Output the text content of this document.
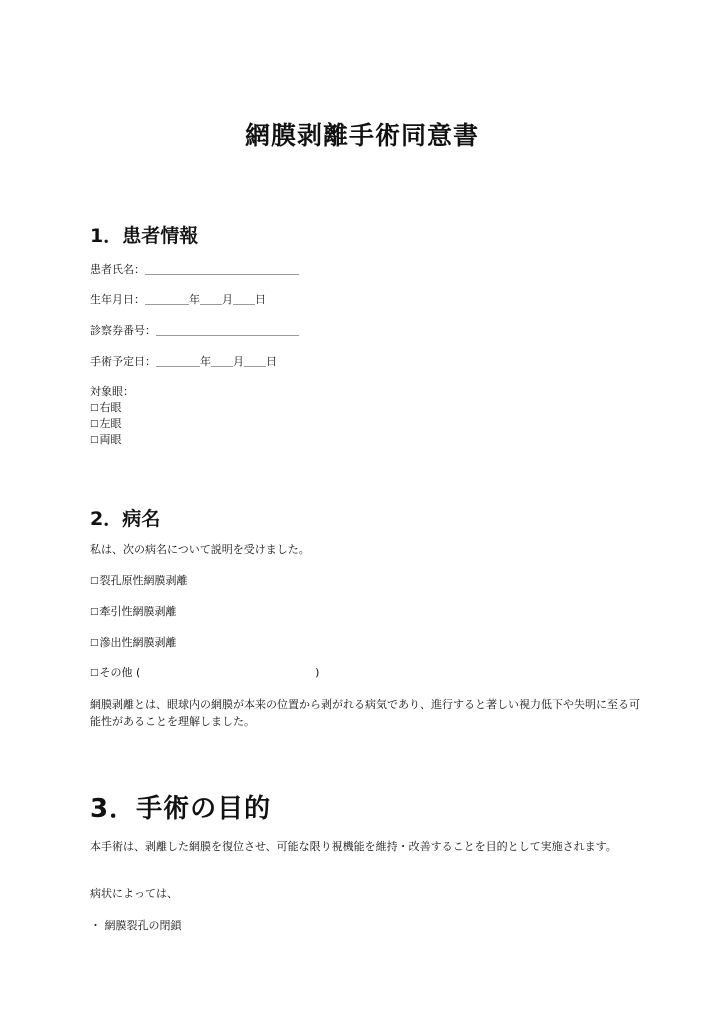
網膜剥離手術同意書
1．患者情報
患者氏名：＿＿＿＿＿＿＿＿＿＿＿＿＿＿
生年月日：＿＿＿＿年＿＿月＿＿日
診察券番号：＿＿＿＿＿＿＿＿＿＿＿＿＿
手術予定日：＿＿＿＿年＿＿月＿＿日
対象眼：
□右眼
□左眼
□両眼
2．病名
私は、次の病名について説明を受けました。
□裂孔原性網膜剥離
□牽引性網膜剥離
□滲出性網膜剥離
□その他 (                                                  )
網膜剥離とは、眼球内の網膜が本来の位置から剥がれる病気であり、進行すると著しい視力低下や失明に至る可能性があることを理解しました。
3．手術の目的
本手術は、剥離した網膜を復位させ、可能な限り視機能を維持・改善することを目的として実施されます。
病状によっては、
・ 網膜裂孔の閉鎖
